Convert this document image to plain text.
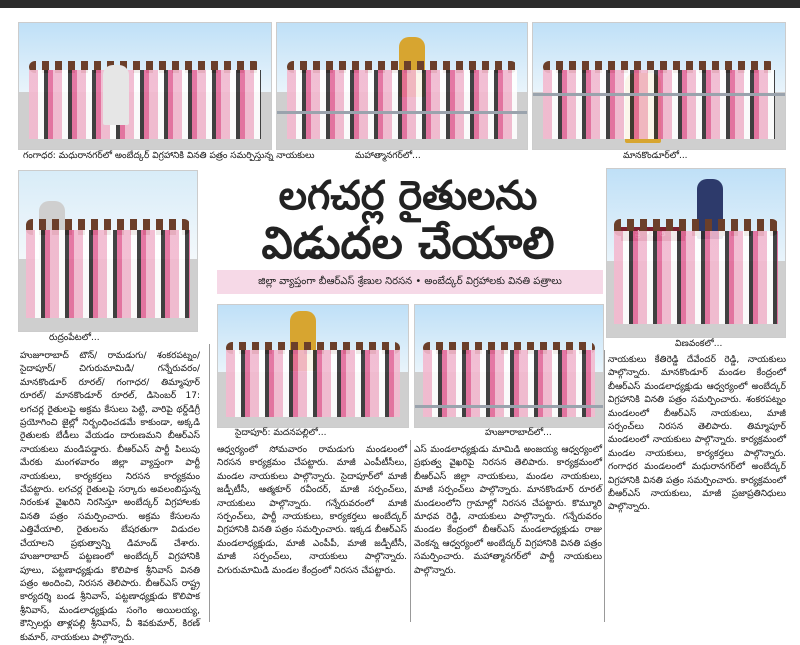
గంగాధర: మధురానగర్‌లో అంబేద్కర్ విగ్రహానికి వినతి పత్రం సమర్పిస్తున్న నాయకులు	మహాత్మానగర్‌లో...	మానకొండూర్‌లో...
రుద్రంపేటలో...
లగచర్ల రైతులను
విడుదల చేయాలి
జిల్లా వ్యాప్తంగా బీఆర్ఎస్ శ్రేణుల నిరసన • అంబేద్కర్ విగ్రహాలకు వినతి పత్రాలు
విణవంకలో...
సైదాపూర్: మదనపల్లిలో...	హుజూరాబాద్‌లో...
హుజూరాబాద్ టౌన్/ రామడుగు/ శంకరపట్నం/ సైదాపూర్/ చిగురుమామిడి/ గన్నేరువరం/ మానకొండూర్ రూరల్/ గంగాధర/ తిమ్మాపూర్ రూరల్/ మానకొండూర్ రూరల్, డిసెంబర్ 17: లగచర్ల రైతులపై అక్రమ కేసులు పెట్టి, వారిపై థర్డ్‌డిగ్రీ ప్రయోగించి జైల్లో నిర్బంధించడమే కాకుండా, అక్కడి రైతులకు బేడీలు వేయడం దారుణమని బీఆర్ఎస్ నాయకులు మండిపడ్డారు. బీఆర్ఎస్ పార్టీ పిలుపు మేరకు మంగళవారం జిల్లా వ్యాప్తంగా పార్టీ నాయకులు, కార్యకర్తలు నిరసన కార్యక్రమం చేపట్టారు. లగచర్ల రైతులపై సర్కారు అవలంబిస్తున్న నిరంకుశ వైఖరిని నిరసిస్తూ అంబేద్కర్ విగ్రహాలకు వినతి పత్రం సమర్పించారు. అక్రమ కేసులను ఎత్తివేయాలి, రైతులను బేషరతుగా విడుదల చేయాలని ప్రభుత్వాన్ని డిమాండ్ చేశారు. హుజూరాబాద్ పట్టణంలో అంబేద్కర్ విగ్రహానికి పూలు, పట్టణాధ్యక్షుడు కొలిపాక శ్రీనివాస్ వినతి పత్రం అందించి, నిరసన తెలిపారు. బీఆర్ఎస్ రాష్ట్ర కార్యదర్శి బండ శ్రీనివాస్, పట్టణాధ్యక్షుడు కొలిపాక శ్రీనివాస్, మండలాధ్యక్షుడు సంగెం అయిలయ్య, కౌన్సిలర్లు తాళ్లపల్లి శ్రీనివాస్, వీ శివకుమార్, కిరణ్ కుమార్, నాయకులు పాల్గొన్నారు.
ఆధ్వర్యంలో సోమవారం రామడుగు మండలంలో నిరసన కార్యక్రమం చేపట్టారు. మాజీ ఎంపీటీసీలు, మండల నాయకులు పాల్గొన్నారు. సైదాపూర్‌లో మాజీ జడ్పీటీసీ, ఆత్మకూర్ రవీందర్, మాజీ సర్పంచ్‌లు, నాయకులు పాల్గొన్నారు. గన్నేరువరంలో మాజీ సర్పంచ్‌లు, పార్టీ నాయకులు, కార్యకర్తలు అంబేద్కర్ విగ్రహానికి వినతి పత్రం సమర్పించారు. ఇక్కడ బీఆర్ఎస్ మండలాధ్యక్షుడు, మాజీ ఎంపీపీ, మాజీ జడ్పీటీసీ, మాజీ సర్పంచ్‌లు, నాయకులు పాల్గొన్నారు. చిగురుమామిడి మండల కేంద్రంలో నిరసన చేపట్టారు.
ఎస్ మండలాధ్యక్షుడు మామిడి అంజయ్య ఆధ్వర్యంలో ప్రభుత్వ వైఖరిపై నిరసన తెలిపారు. కార్యక్రమంలో బీఆర్ఎస్ జిల్లా నాయకులు, మండల నాయకులు, మాజీ సర్పంచ్‌లు పాల్గొన్నారు. మానకొండూర్ రూరల్ మండలంలోని గ్రామాల్లో నిరసన చేపట్టారు. కొమ్మూరి మాధవ రెడ్డి, నాయకులు పాల్గొన్నారు. గన్నేరువరం మండల కేంద్రంలో బీఆర్ఎస్ మండలాధ్యక్షుడు రాజు వెంకన్న ఆధ్వర్యంలో అంబేద్కర్ విగ్రహానికి వినతి పత్రం సమర్పించారు. మహాత్మానగర్‌లో పార్టీ నాయకులు పాల్గొన్నారు.
నాయకులు కేతిరెడ్డి దేవేందర్ రెడ్డి, నాయకులు పాల్గొన్నారు. మానకొండూర్ మండల కేంద్రంలో బీఆర్ఎస్ మండలాధ్యక్షుడు ఆధ్వర్యంలో అంబేద్కర్ విగ్రహానికి వినతి పత్రం సమర్పించారు. శంకరపట్నం మండలంలో బీఆర్ఎస్ నాయకులు, మాజీ సర్పంచ్‌లు నిరసన తెలిపారు. తిమ్మాపూర్ మండలంలో నాయకులు పాల్గొన్నారు. కార్యక్రమంలో మండల నాయకులు, కార్యకర్తలు పాల్గొన్నారు. గంగాధర మండలంలో మధురానగర్‌లో అంబేద్కర్ విగ్రహానికి వినతి పత్రం సమర్పించారు. కార్యక్రమంలో బీఆర్ఎస్ నాయకులు, మాజీ ప్రజాప్రతినిధులు పాల్గొన్నారు.
